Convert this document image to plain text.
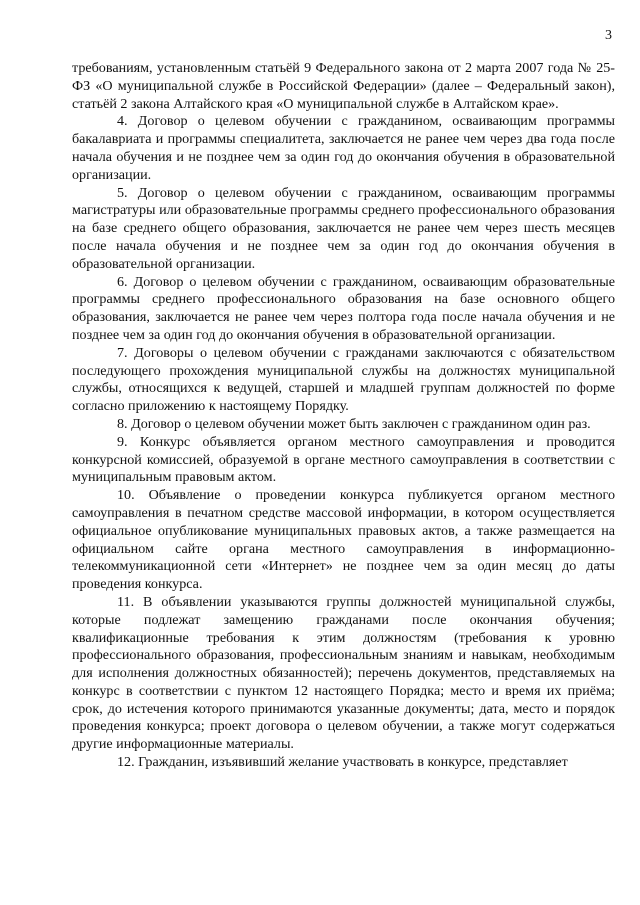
3

требованиям, установленным статьёй 9 Федерального закона от 2 марта 2007 года № 25-ФЗ «О муниципальной службе в Российской Федерации» (далее – Федеральный закон), статьёй 2 закона Алтайского края «О муниципальной службе в Алтайском крае».

4. Договор о целевом обучении с гражданином, осваивающим программы бакалавриата и программы специалитета, заключается не ранее чем через два года после начала обучения и не позднее чем за один год до окончания обучения в образовательной организации.

5. Договор о целевом обучении с гражданином, осваивающим программы магистратуры или образовательные программы среднего профессионального образования на базе среднего общего образования, заключается не ранее чем через шесть месяцев после начала обучения и не позднее чем за один год до окончания обучения в образовательной организации.

6. Договор о целевом обучении с гражданином, осваивающим образовательные программы среднего профессионального образования на базе основного общего образования, заключается не ранее чем через полтора года после начала обучения и не позднее чем за один год до окончания обучения в образовательной организации.

7. Договоры о целевом обучении с гражданами заключаются с обязательством последующего прохождения муниципальной службы на должностях муниципальной службы, относящихся к ведущей, старшей и младшей группам должностей по форме согласно приложению к настоящему Порядку.

8. Договор о целевом обучении может быть заключен с гражданином один раз.

9. Конкурс объявляется органом местного самоуправления и проводится конкурсной комиссией, образуемой в органе местного самоуправления в соответствии с муниципальным правовым актом.

10. Объявление о проведении конкурса публикуется органом местного самоуправления в печатном средстве массовой информации, в котором осуществляется официальное опубликование муниципальных правовых актов, а также размещается на официальном сайте органа местного самоуправления в информационно-телекоммуникационной сети «Интернет» не позднее чем за один месяц до даты проведения конкурса.

11. В объявлении указываются группы должностей муниципальной службы, которые подлежат замещению гражданами после окончания обучения; квалификационные требования к этим должностям (требования к уровню профессионального образования, профессиональным знаниям и навыкам, необходимым для исполнения должностных обязанностей); перечень документов, представляемых на конкурс в соответствии с пунктом 12 настоящего Порядка; место и время их приёма; срок, до истечения которого принимаются указанные документы; дата, место и порядок проведения конкурса; проект договора о целевом обучении, а также могут содержаться другие информационные материалы.

12. Гражданин, изъявивший желание участвовать в конкурсе, представляет
